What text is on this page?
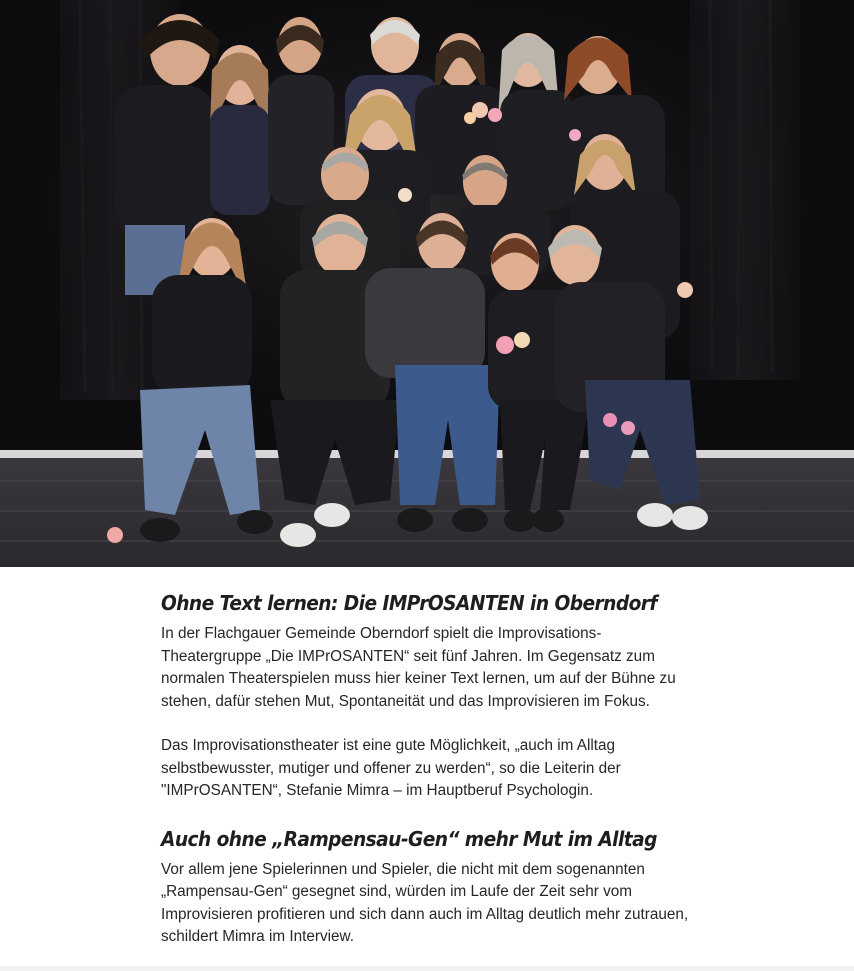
Ohne Text lernen: Die IMPrOSANTEN in Oberndorf

In der Flachgauer Gemeinde Oberndorf spielt die Improvisations-Theatergruppe „Die IMPrOSANTEN“ seit fünf Jahren. Im Gegensatz zum normalen Theaterspielen muss hier keiner Text lernen, um auf der Bühne zu stehen, dafür stehen Mut, Spontaneität und das Improvisieren im Fokus.

Das Improvisationstheater ist eine gute Möglichkeit, „auch im Alltag selbstbewusster, mutiger und offener zu werden“, so die Leiterin der "IMPrOSANTEN“, Stefanie Mimra – im Hauptberuf Psychologin.

Auch ohne „Rampensau-Gen“ mehr Mut im Alltag

Vor allem jene Spielerinnen und Spieler, die nicht mit dem sogenannten „Rampensau-Gen“ gesegnet sind, würden im Laufe der Zeit sehr vom Improvisieren profitieren und sich dann auch im Alltag deutlich mehr zutrauen, schildert Mimra im Interview.
